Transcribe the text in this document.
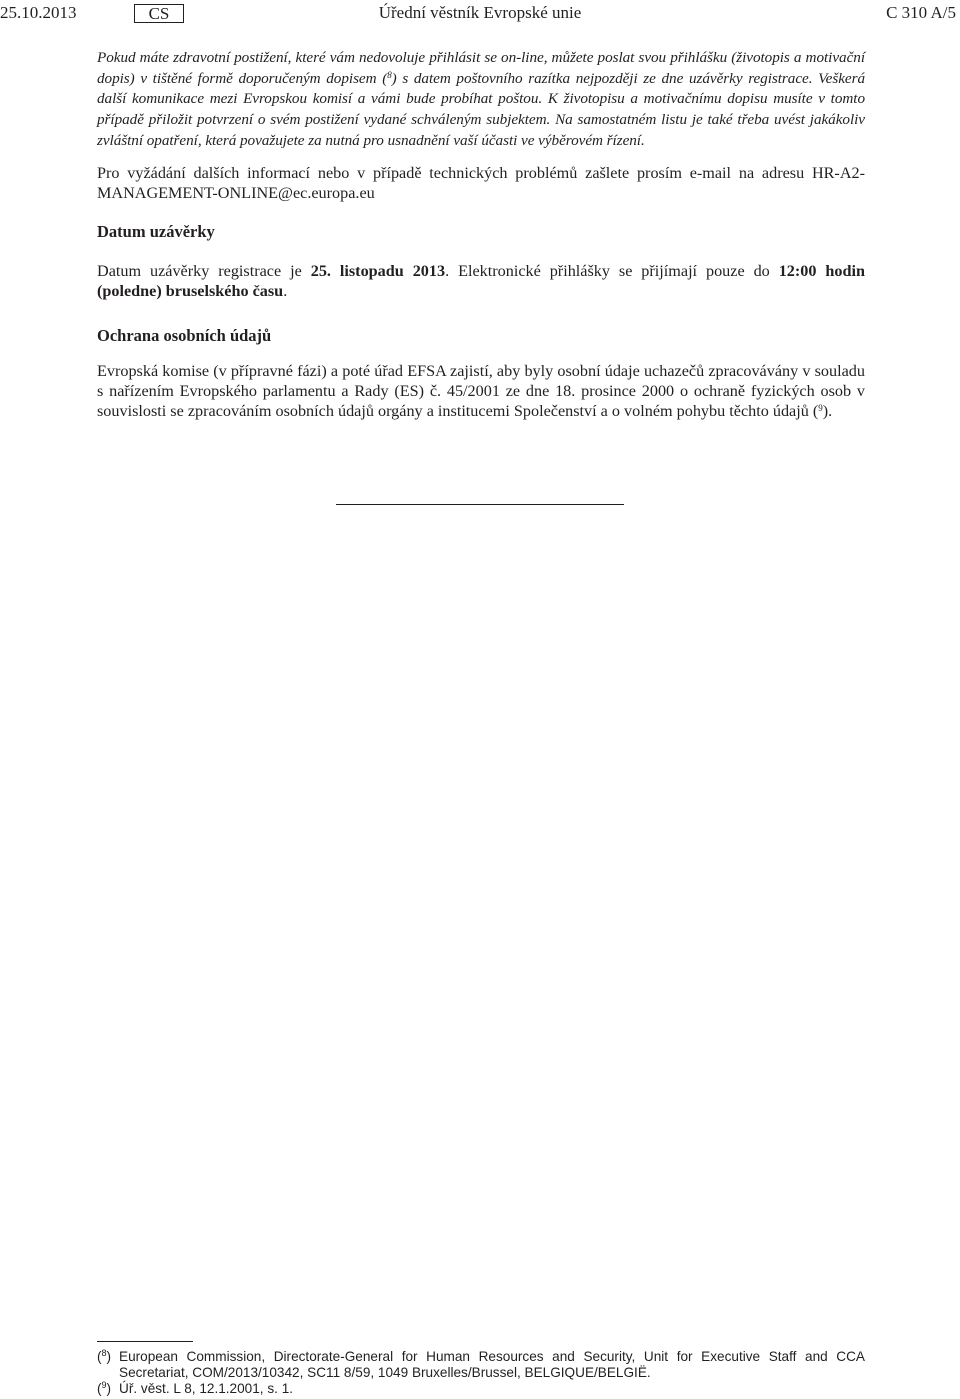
25.10.2013	Úřední věstník Evropské unie
CS	C 310 A/5

Pokud máte zdravotní postižení, které vám nedovoluje přihlásit se on-line, můžete poslat svou přihlášku (životopis a motivační dopis) v tištěné formě doporučeným dopisem ($^8$) s datem poštovního razítka nejpozději ze dne uzávěrky registrace. Veškerá další komunikace mezi Evropskou komisí a vámi bude probíhat poštou. K životopisu a motivačnímu dopisu musíte v tomto případě přiložit potvrzení o svém postižení vydané schváleným subjektem. Na samostatném listu je také třeba uvést jakákoliv zvláštní opatření, která považujete za nutná pro usnadnění vaší účasti ve výběrovém řízení.

Pro vyžádání dalších informací nebo v případě technických problémů zašlete prosím e-mail na adresu HR-A2-MANAGEMENT-ONLINE@ec.europa.eu

Datum uzávěrky

Datum uzávěrky registrace je 25. listopadu 2013. Elektronické přihlášky se přijímají pouze do 12:00 hodin (poledne) bruselského času.

Ochrana osobních údajů

Evropská komise (v přípravné fázi) a poté úřad EFSA zajistí, aby byly osobní údaje uchazečů zpracovávány v souladu s nařízením Evropského parlamentu a Rady (ES) č. 45/2001 ze dne 18. prosince 2000 o ochraně fyzických osob v souvislosti se zpracováním osobních údajů orgány a institucemi Společenství a o volném pohybu těchto údajů ($^9$).

($^8$) European Commission, Directorate-General for Human Resources and Security, Unit for Executive Staff and CCA Secretariat, COM/2013/10342, SC11 8/59, 1049 Bruxelles/Brussel, BELGIQUE/BELGIË.
($^9$) Úř. věst. L 8, 12.1.2001, s. 1.
